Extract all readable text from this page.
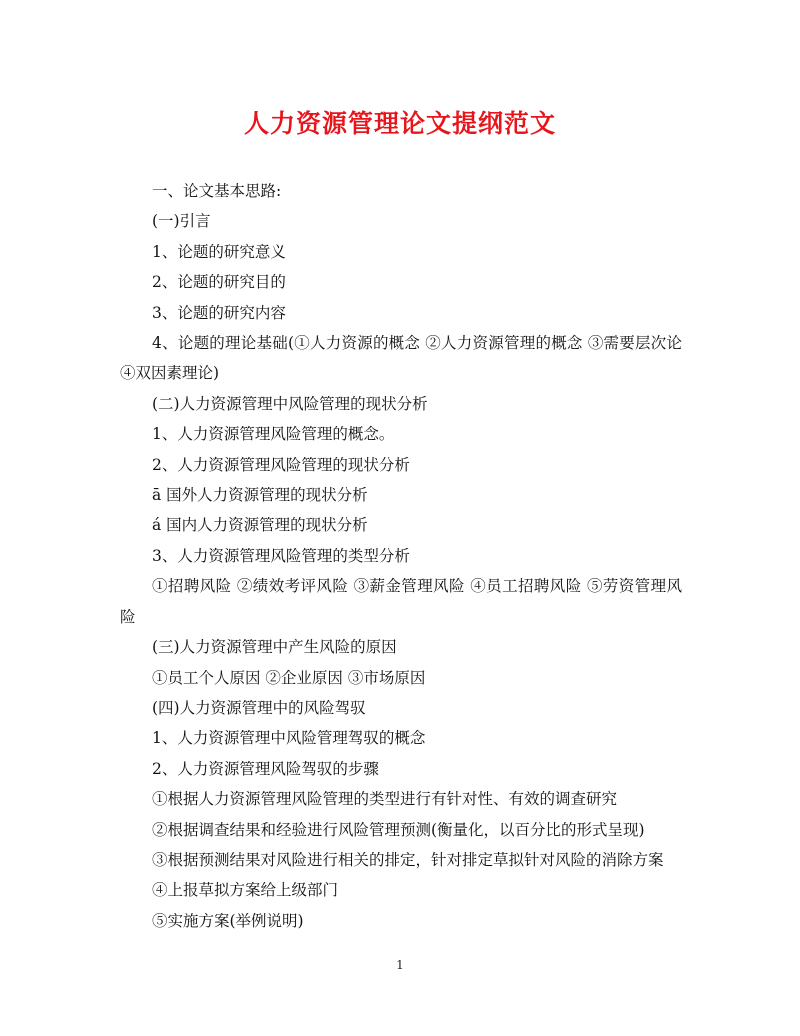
人力资源管理论文提纲范文

一、论文基本思路:

(一)引言

1、论题的研究意义

2、论题的研究目的

3、论题的研究内容

4、论题的理论基础(①人力资源的概念 ②人力资源管理的概念 ③需要层次论 ④双因素理论)

(二)人力资源管理中风险管理的现状分析

1、人力资源管理风险管理的概念。

2、人力资源管理风险管理的现状分析

ā 国外人力资源管理的现状分析

á 国内人力资源管理的现状分析

3、人力资源管理风险管理的类型分析

①招聘风险 ②绩效考评风险 ③薪金管理风险 ④员工招聘风险 ⑤劳资管理风险

(三)人力资源管理中产生风险的原因

①员工个人原因 ②企业原因 ③市场原因

(四)人力资源管理中的风险驾驭

1、人力资源管理中风险管理驾驭的概念

2、人力资源管理风险驾驭的步骤

①根据人力资源管理风险管理的类型进行有针对性、有效的调查研究

②根据调查结果和经验进行风险管理预测(衡量化，以百分比的形式呈现)

③根据预测结果对风险进行相关的排定，针对排定草拟针对风险的消除方案

④上报草拟方案给上级部门

⑤实施方案(举例说明)

1
